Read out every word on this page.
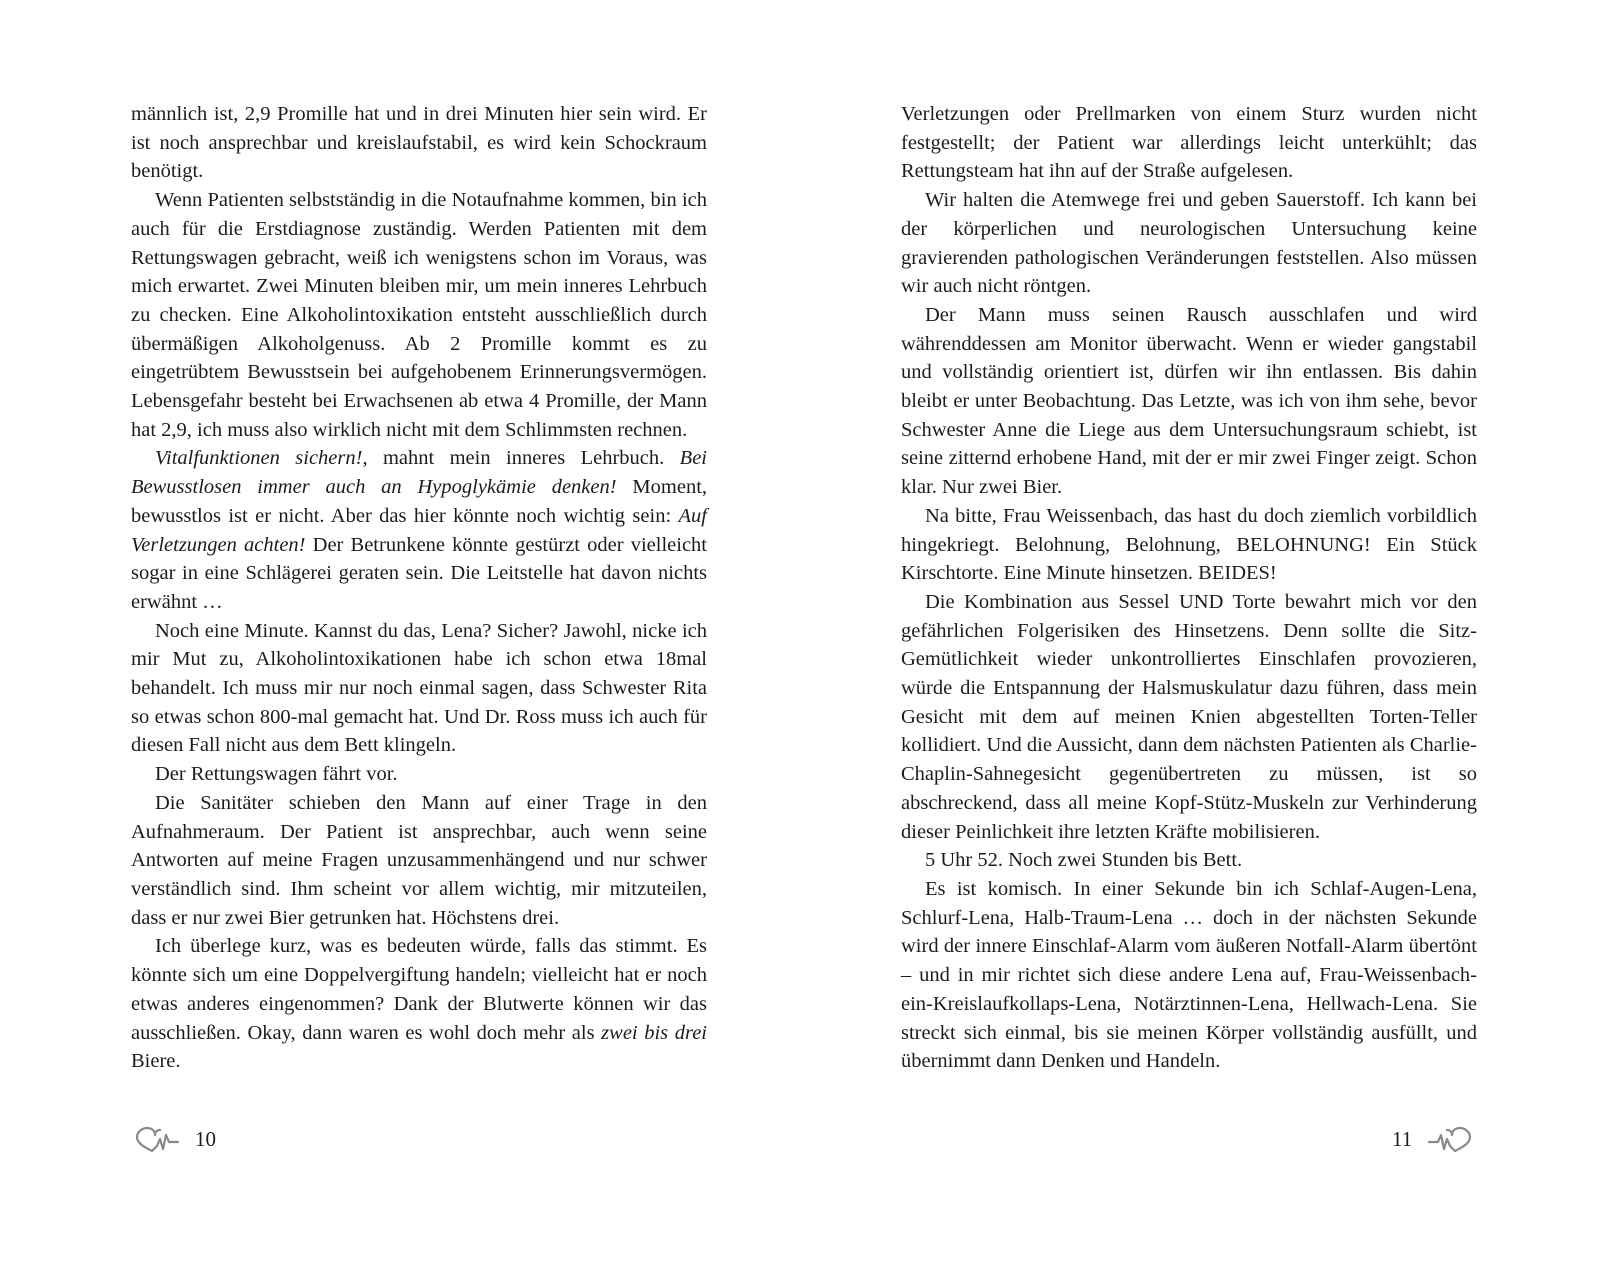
männlich ist, 2,9 Promille hat und in drei Minuten hier sein wird. Er ist noch ansprechbar und kreislaufstabil, es wird kein Schockraum benötigt.

Wenn Patienten selbstständig in die Notaufnahme kommen, bin ich auch für die Erstdiagnose zuständig. Werden Patienten mit dem Rettungswagen gebracht, weiß ich wenigstens schon im Voraus, was mich erwartet. Zwei Minuten bleiben mir, um mein inneres Lehrbuch zu checken. Eine Alkoholintoxikation entsteht ausschließlich durch übermäßigen Alkoholgenuss. Ab 2 Promille kommt es zu eingetrübtem Bewusstsein bei aufgehobenem Erinnerungsvermögen. Lebensgefahr besteht bei Erwachsenen ab etwa 4 Promille, der Mann hat 2,9, ich muss also wirklich nicht mit dem Schlimmsten rechnen.

Vitalfunktionen sichern!, mahnt mein inneres Lehrbuch. Bei Bewusstlosen immer auch an Hypoglykämie denken! Moment, bewusstlos ist er nicht. Aber das hier könnte noch wichtig sein: Auf Verletzungen achten! Der Betrunkene könnte gestürzt oder vielleicht sogar in eine Schlägerei geraten sein. Die Leitstelle hat davon nichts erwähnt …

Noch eine Minute. Kannst du das, Lena? Sicher? Jawohl, nicke ich mir Mut zu, Alkoholintoxikationen habe ich schon etwa 18mal behandelt. Ich muss mir nur noch einmal sagen, dass Schwester Rita so etwas schon 800-mal gemacht hat. Und Dr. Ross muss ich auch für diesen Fall nicht aus dem Bett klingeln.

Der Rettungswagen fährt vor.

Die Sanitäter schieben den Mann auf einer Trage in den Aufnahmeraum. Der Patient ist ansprechbar, auch wenn seine Antworten auf meine Fragen unzusammenhängend und nur schwer verständlich sind. Ihm scheint vor allem wichtig, mir mitzuteilen, dass er nur zwei Bier getrunken hat. Höchstens drei.

Ich überlege kurz, was es bedeuten würde, falls das stimmt. Es könnte sich um eine Doppelvergiftung handeln; vielleicht hat er noch etwas anderes eingenommen? Dank der Blutwerte können wir das ausschließen. Okay, dann waren es wohl doch mehr als zwei bis drei Biere.

Verletzungen oder Prellmarken von einem Sturz wurden nicht festgestellt; der Patient war allerdings leicht unterkühlt; das Rettungsteam hat ihn auf der Straße aufgelesen.

Wir halten die Atemwege frei und geben Sauerstoff. Ich kann bei der körperlichen und neurologischen Untersuchung keine gravierenden pathologischen Veränderungen feststellen. Also müssen wir auch nicht röntgen.

Der Mann muss seinen Rausch ausschlafen und wird währenddessen am Monitor überwacht. Wenn er wieder gangstabil und vollständig orientiert ist, dürfen wir ihn entlassen. Bis dahin bleibt er unter Beobachtung. Das Letzte, was ich von ihm sehe, bevor Schwester Anne die Liege aus dem Untersuchungsraum schiebt, ist seine zitternd erhobene Hand, mit der er mir zwei Finger zeigt. Schon klar. Nur zwei Bier.

Na bitte, Frau Weissenbach, das hast du doch ziemlich vorbildlich hingekriegt. Belohnung, Belohnung, BELOHNUNG! Ein Stück Kirschtorte. Eine Minute hinsetzen. BEIDES!

Die Kombination aus Sessel UND Torte bewahrt mich vor den gefährlichen Folgerisiken des Hinsetzens. Denn sollte die Sitz-Gemütlichkeit wieder unkontrolliertes Einschlafen provozieren, würde die Entspannung der Halsmuskulatur dazu führen, dass mein Gesicht mit dem auf meinen Knien abgestellten Torten-Teller kollidiert. Und die Aussicht, dann dem nächsten Patienten als Charlie-Chaplin-Sahnegesicht gegenübertreten zu müssen, ist so abschreckend, dass all meine Kopf-Stütz-Muskeln zur Verhinderung dieser Peinlichkeit ihre letzten Kräfte mobilisieren.

5 Uhr 52. Noch zwei Stunden bis Bett.

Es ist komisch. In einer Sekunde bin ich Schlaf-Augen-Lena, Schlurf-Lena, Halb-Traum-Lena … doch in der nächsten Sekunde wird der innere Einschlaf-Alarm vom äußeren Notfall-Alarm übertönt – und in mir richtet sich diese andere Lena auf, Frau-Weissenbach-ein-Kreislaufkollaps-Lena, Notärztinnen-Lena, Hellwach-Lena. Sie streckt sich einmal, bis sie meinen Körper vollständig ausfüllt, und übernimmt dann Denken und Handeln.

10	11
